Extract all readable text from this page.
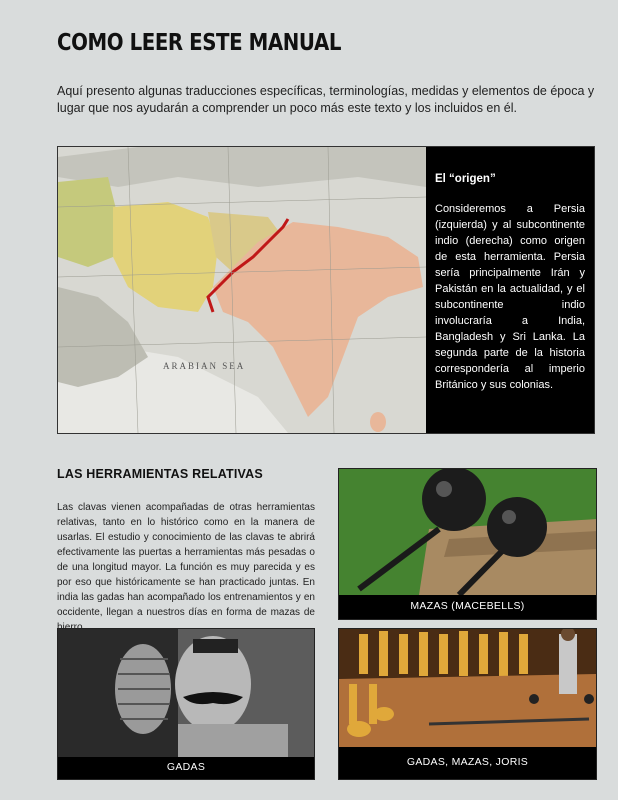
COMO LEER ESTE MANUAL
Aquí presento algunas traducciones específicas, terminologías, medidas y elementos de época y lugar que nos ayudarán a comprender un poco más este texto y los incluidos en él.
ARABIAN SEA
El “origen”
Consideremos a Persia (izquierda) y al subcontinente indio (derecha) como origen de esta herramienta. Persia sería principalmente Irán y Pakistán en la actualidad, y el subcontinente indio involucraría a India, Bangladesh y Sri Lanka. La segunda parte de la historia correspondería al imperio Británico y sus colonias.
LAS HERRAMIENTAS RELATIVAS
Las clavas vienen acompañadas de otras herramientas relativas, tanto en lo histórico como en la manera de usarlas. El estudio y conocimiento de las clavas te abrirá efectivamente las puertas a herramientas más pesadas o de una longitud mayor. La función es muy parecida y es por eso que históricamente se han practicado juntas. En india las gadas han acompañado los entrenamientos y en occidente, llegan a nuestros días en forma de mazas de
MAZAS (MACEBELLS)
GADAS	GADAS, MAZAS, JORIS
